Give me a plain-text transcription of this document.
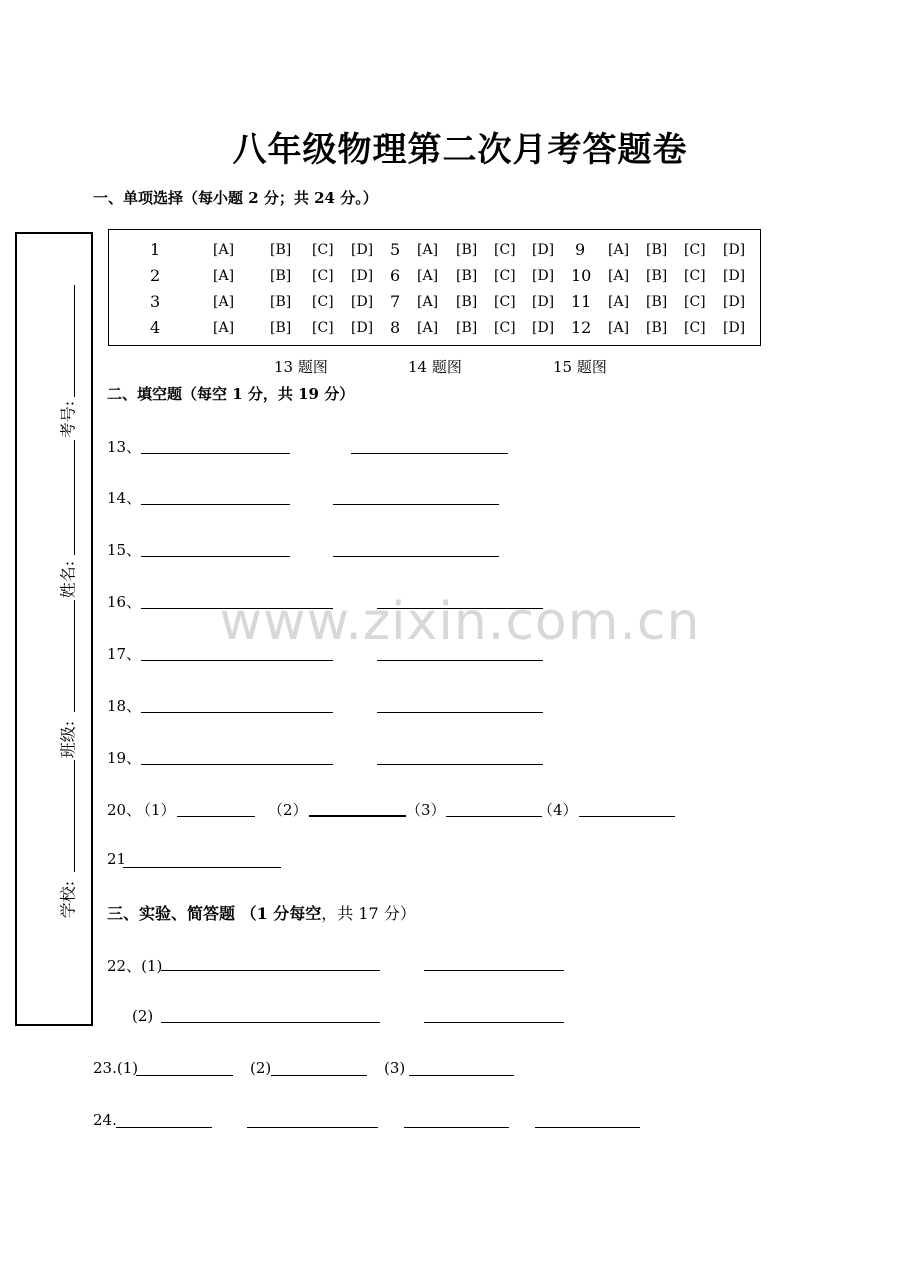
八年级物理第二次月考答题卷
一、单项选择（每小题 2 分；共 24 分。）
考号:
姓名:
班级:
学校:
1	[A]	[B] [C] [D] 5 [A] [B] [C] [D] 9 [A] [B] [C] [D]
2	[A]	[B] [C] [D] 6 [A] [B] [C] [D] 10 [A] [B] [C] [D]
3	[A]	[B] [C] [D] 7 [A] [B] [C] [D] 11 [A] [B] [C] [D]
4	[A]	[B] [C] [D] 8 [A] [B] [C] [D] 12 [A] [B] [C] [D]
13 题图	14 题图	15 题图
二、填空题（每空 1 分，共 19 分）
13、
14、
15、
16、
17、
18、
19、
20、
（1）	（2）	（3）	（4）
21
三、实验、简答题 （1 分每空，共 17 分）
22、(1)
(2)
23.(1)	(2)	(3)
24.
www.zixin.com.cn
